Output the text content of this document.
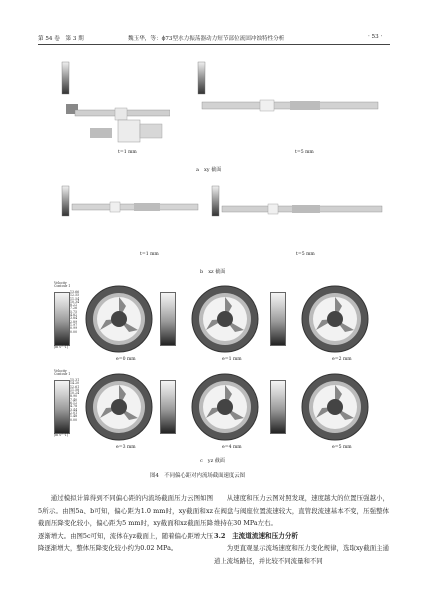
第 54 卷　第 3 期	魏玉华，等：ϕ73型水力振荡器动力短节部位流固冲蚀特性分析	· 53 ·
t=1 mm	t=5 mm
a　xy 截面
t=1 mm	t=5 mm
b　xz 截面
Velocity
Contour 1
13.66
12.55
11.54
10.34
8.22
7.26
5.75
4.82
3.84
2.89
1.97
0.99
0.00
[m s^-1]
e=0 mm	e=1 mm	e=2 mm
Velocity
Contour 1
15.31
14.20
12.61
11.58
10.24
8.90
7.40
6.12
4.78
3.44
2.01
1.48
0.00
[m s^-1]
e=3 mm	e=4 mm	e=5 mm
c　yz 截面
图4　不同偏心距对内流场截面速度云图

通过模拟计算得到不同偏心距的内流场截面压力云图如图5所示。由图5a、b可知，偏心距为1.0 mm时，xy截面和xz截面压降变化较小，偏心距为5 mm时，xy截面和xz截面压降逐渐增大。由图5c可知，流体在yz截面上，随着偏心距增大压降逐渐增大，整体压降变化较小约为0.02 MPa。

从速度和压力云图对照发现，速度越大的位置压强越小，在阀盘与阀座位置流速较大，直管段流速基本不变，压强整体维持在30 MPa左右。

3.2　主流道流速和压力分析

为更直观显示流场速度和压力变化规律，选取xy截面主通道上流场路径，并比较不同流量和不同
